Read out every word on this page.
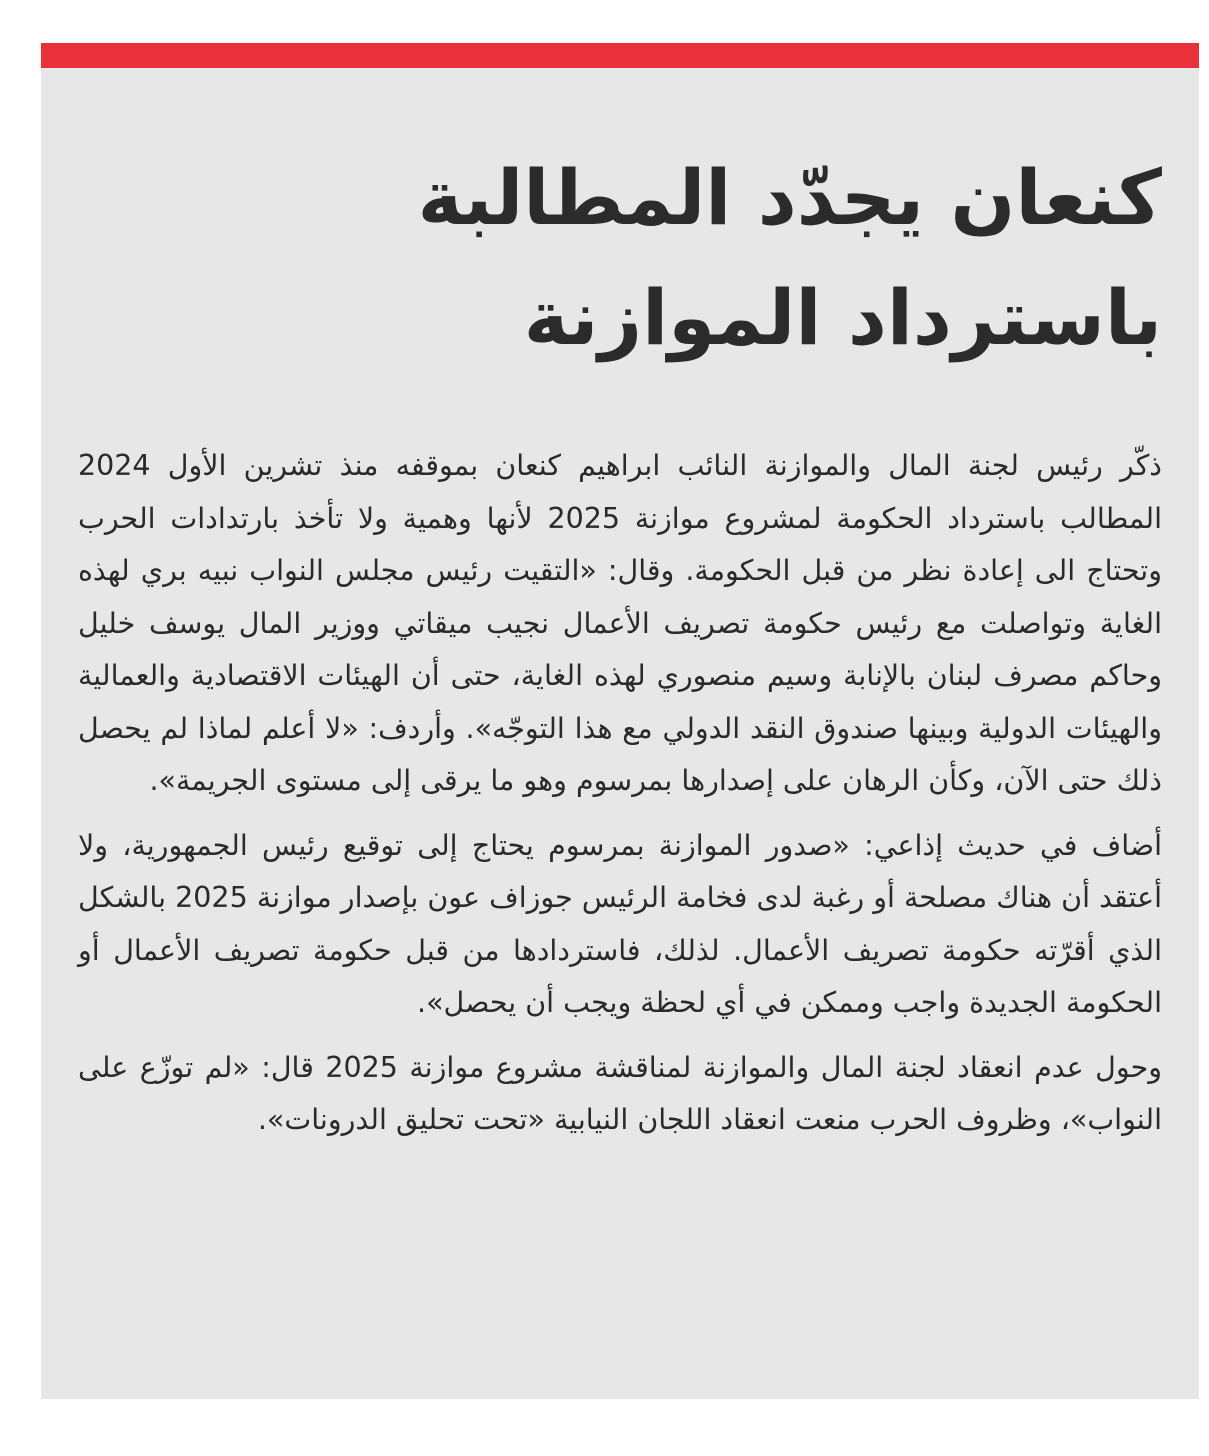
كنعان يجدّد المطالبة باسترداد الموازنة

ذكّر رئيس لجنة المال والموازنة النائب ابراهيم كنعان بموقفه منذ تشرين الأول 2024 المطالب باسترداد الحكومة لمشروع موازنة 2025 لأنها وهمية ولا تأخذ بارتدادات الحرب وتحتاج الى إعادة نظر من قبل الحكومة. وقال: «التقيت رئيس مجلس النواب نبيه بري لهذه الغاية وتواصلت مع رئيس حكومة تصريف الأعمال نجيب ميقاتي ووزير المال يوسف خليل وحاكم مصرف لبنان بالإنابة وسيم منصوري لهذه الغاية، حتى أن الهيئات الاقتصادية والعمالية والهيئات الدولية وبينها صندوق النقد الدولي مع هذا التوجّه». وأردف: «لا أعلم لماذا لم يحصل ذلك حتى الآن، وكأن الرهان على إصدارها بمرسوم وهو ما يرقى إلى مستوى الجريمة».

أضاف في حديث إذاعي: «صدور الموازنة بمرسوم يحتاج إلى توقيع رئيس الجمهورية، ولا أعتقد أن هناك مصلحة أو رغبة لدى فخامة الرئيس جوزاف عون بإصدار موازنة 2025 بالشكل الذي أقرّته حكومة تصريف الأعمال. لذلك، فاستردادها من قبل حكومة تصريف الأعمال أو الحكومة الجديدة واجب وممكن في أي لحظة ويجب أن يحصل».

وحول عدم انعقاد لجنة المال والموازنة لمناقشة مشروع موازنة 2025 قال: «لم توزّع على النواب»، وظروف الحرب منعت انعقاد اللجان النيابية «تحت تحليق الدرونات».
